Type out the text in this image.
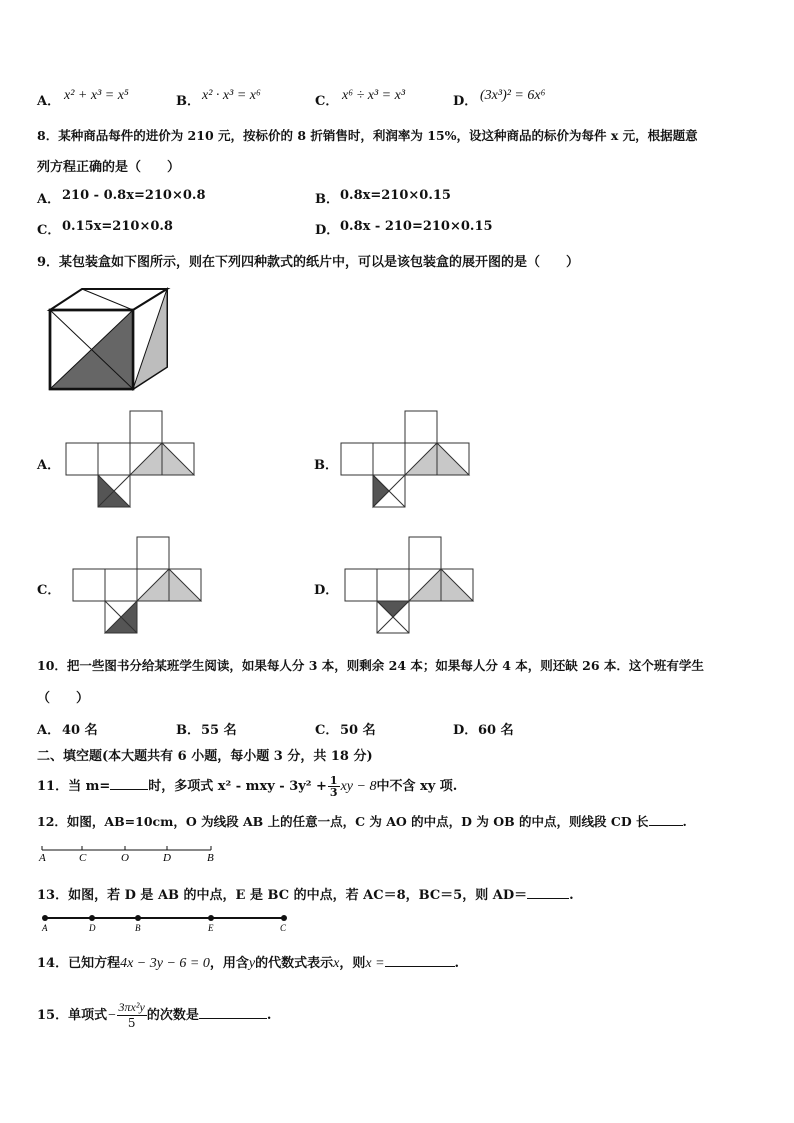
A． x² + x³ = x⁵	B． x² · x³ = x⁶	C． x⁶ ÷ x³ = x³	D． (3x³)² = 6x⁶
8．某种商品每件的进价为 210 元，按标价的 8 折销售时，利润率为 15%，设这种商品的标价为每件 x 元，根据题意
列方程正确的是（　　）
A． 210 - 0.8x=210×0.8	B． 0.8x=210×0.15
C． 0.15x=210×0.8	D． 0.8x - 210=210×0.15
9．某包装盒如下图所示，则在下列四种款式的纸片中，可以是该包装盒的展开图的是（　　）
A．	B．
C．	D．
10．把一些图书分给某班学生阅读，如果每人分 3 本，则剩余 24 本；如果每人分 4 本，则还缺 26 本．这个班有学生
（　　）
A． 40 名	B． 55 名	C． 50 名	D． 60 名
二、填空题(本大题共有 6 小题，每小题 3 分，共 18 分)
11．当 m=	时，多项式 x² - mxy - $3y^2 + \frac{1}{3}$ xy − 8中不含 xy 项.
12．如图，AB=10cm，O 为线段 AB 上的任意一点，C 为 AO 的中点，D 为 OB 的中点，则线段 CD 长	.
A	C	O	D	B
13．如图，若 D 是 AB 的中点，E 是 BC 的中点，若 AC＝8，BC＝5，则 AD＝	.
A	D	B	E	C
14．已知方程4x − 3y − 6 = 0，用含y的代数式表示x，则x =	.
15．单项式− $\frac{\text{3πx²y}}{5}$ 的次数是	.
